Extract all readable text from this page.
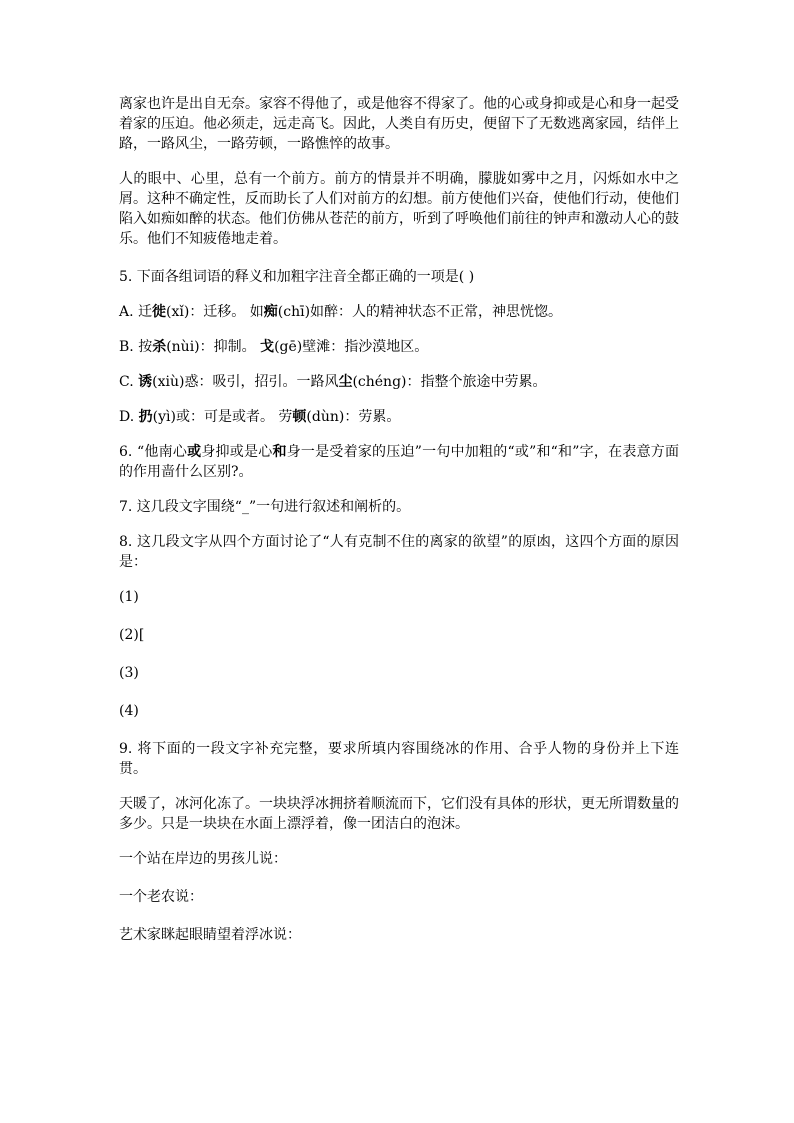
离家也许是出自无奈。家容不得他了，或是他容不得家了。他的心或身抑或是心和身一起受着家的压迫。他必须走，远走高飞。因此，人类自有历史，便留下了无数逃离家园，结伴上路，一路风尘，一路劳顿，一路憔悴的故事。

人的眼中、心里，总有一个前方。前方的情景并不明确，朦胧如雾中之月，闪烁如水中之屑。这种不确定性，反而助长了人们对前方的幻想。前方使他们兴奋，使他们行动，使他们陷入如痴如醉的状态。他们仿佛从苍茫的前方，听到了呼唤他们前往的钟声和激动人心的鼓乐。他们不知疲倦地走着。

5. 下面各组词语的释义和加粗字注音全都正确的一项是( )

A. 迁徙(xǐ)：迁移。 如痴(chī)如醉：人的精神状态不正常，神思恍惚。

B. 按杀(nùi)：抑制。 戈(gē)壁滩：指沙漠地区。

C. 诱(xiù)惑：吸引，招引。一路风尘(chéng)：指整个旅途中劳累。

D. 扔(yì)或：可是或者。 劳顿(dùn)：劳累。

6. “他南心或身抑或是心和身一是受着家的压迫”一句中加粗的“或”和“和”字，在表意方面的作用啬什么区别?。

7. 这几段文字围绕“_”一句进行叙述和阐析的。

8. 这几段文字从四个方面讨论了“人有克制不住的离家的欲望”的原凼，这四个方面的原因是：

(1)

(2)[

(3)

(4)

9. 将下面的一段文字补充完整，要求所填内容围绕冰的作用、合乎人物的身份并上下连贯。

天暖了，冰河化冻了。一块块浮冰拥挤着顺流而下，它们没有具体的形状，更无所谓数量的多少。只是一块块在水面上漂浮着，像一团洁白的泡沫。

一个站在岸边的男孩儿说：

一个老农说：

艺术家眯起眼睛望着浮冰说：
